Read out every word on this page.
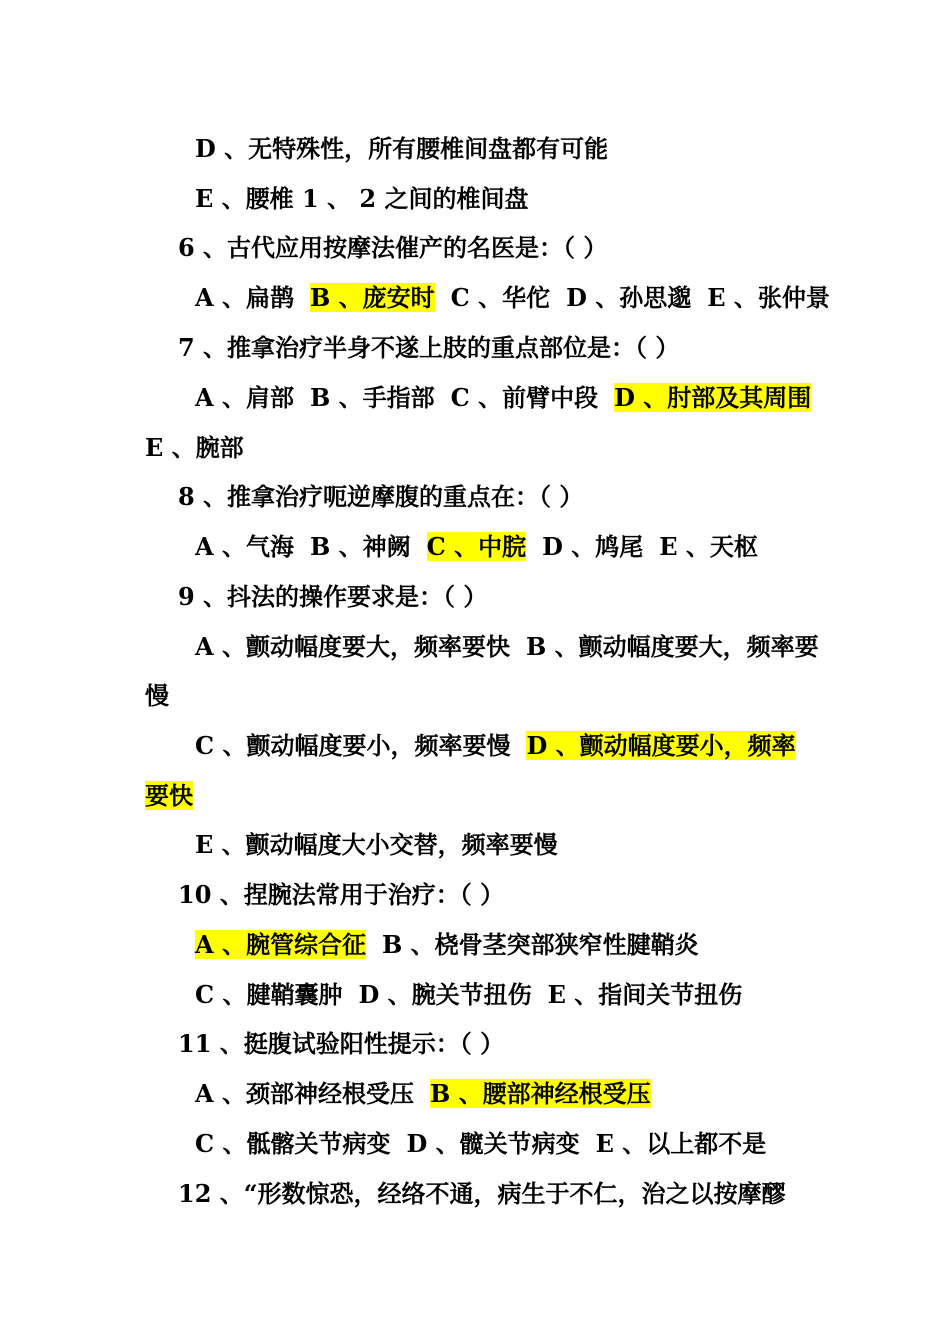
D 、无特殊性，所有腰椎间盘都有可能
E 、腰椎 1 、 2 之间的椎间盘
6 、古代应用按摩法催产的名医是：（ ）
A 、扁鹊 B 、庞安时 C 、华佗 D 、孙思邈 E 、张仲景
7 、推拿治疗半身不遂上肢的重点部位是：（ ）
A 、肩部 B 、手指部 C 、前臂中段 D 、肘部及其周围
E 、腕部
8 、推拿治疗呃逆摩腹的重点在：（ ）
A 、气海 B 、神阙 C 、中脘 D 、鸠尾 E 、天枢
9 、抖法的操作要求是：（ ）
A 、颤动幅度要大，频率要快 B 、颤动幅度要大，频率要
慢
C 、颤动幅度要小，频率要慢 D 、颤动幅度要小，频率
要快
E 、颤动幅度大小交替，频率要慢
10 、捏腕法常用于治疗：（ ）
A 、腕管综合征 B 、桡骨茎突部狭窄性腱鞘炎
C 、腱鞘囊肿 D 、腕关节扭伤 E 、指间关节扭伤
11 、挺腹试验阳性提示：（ ）
A 、颈部神经根受压 B 、腰部神经根受压
C 、骶髂关节病变 D 、髋关节病变 E 、以上都不是
12 、“形数惊恐，经络不通，病生于不仁，治之以按摩醪
